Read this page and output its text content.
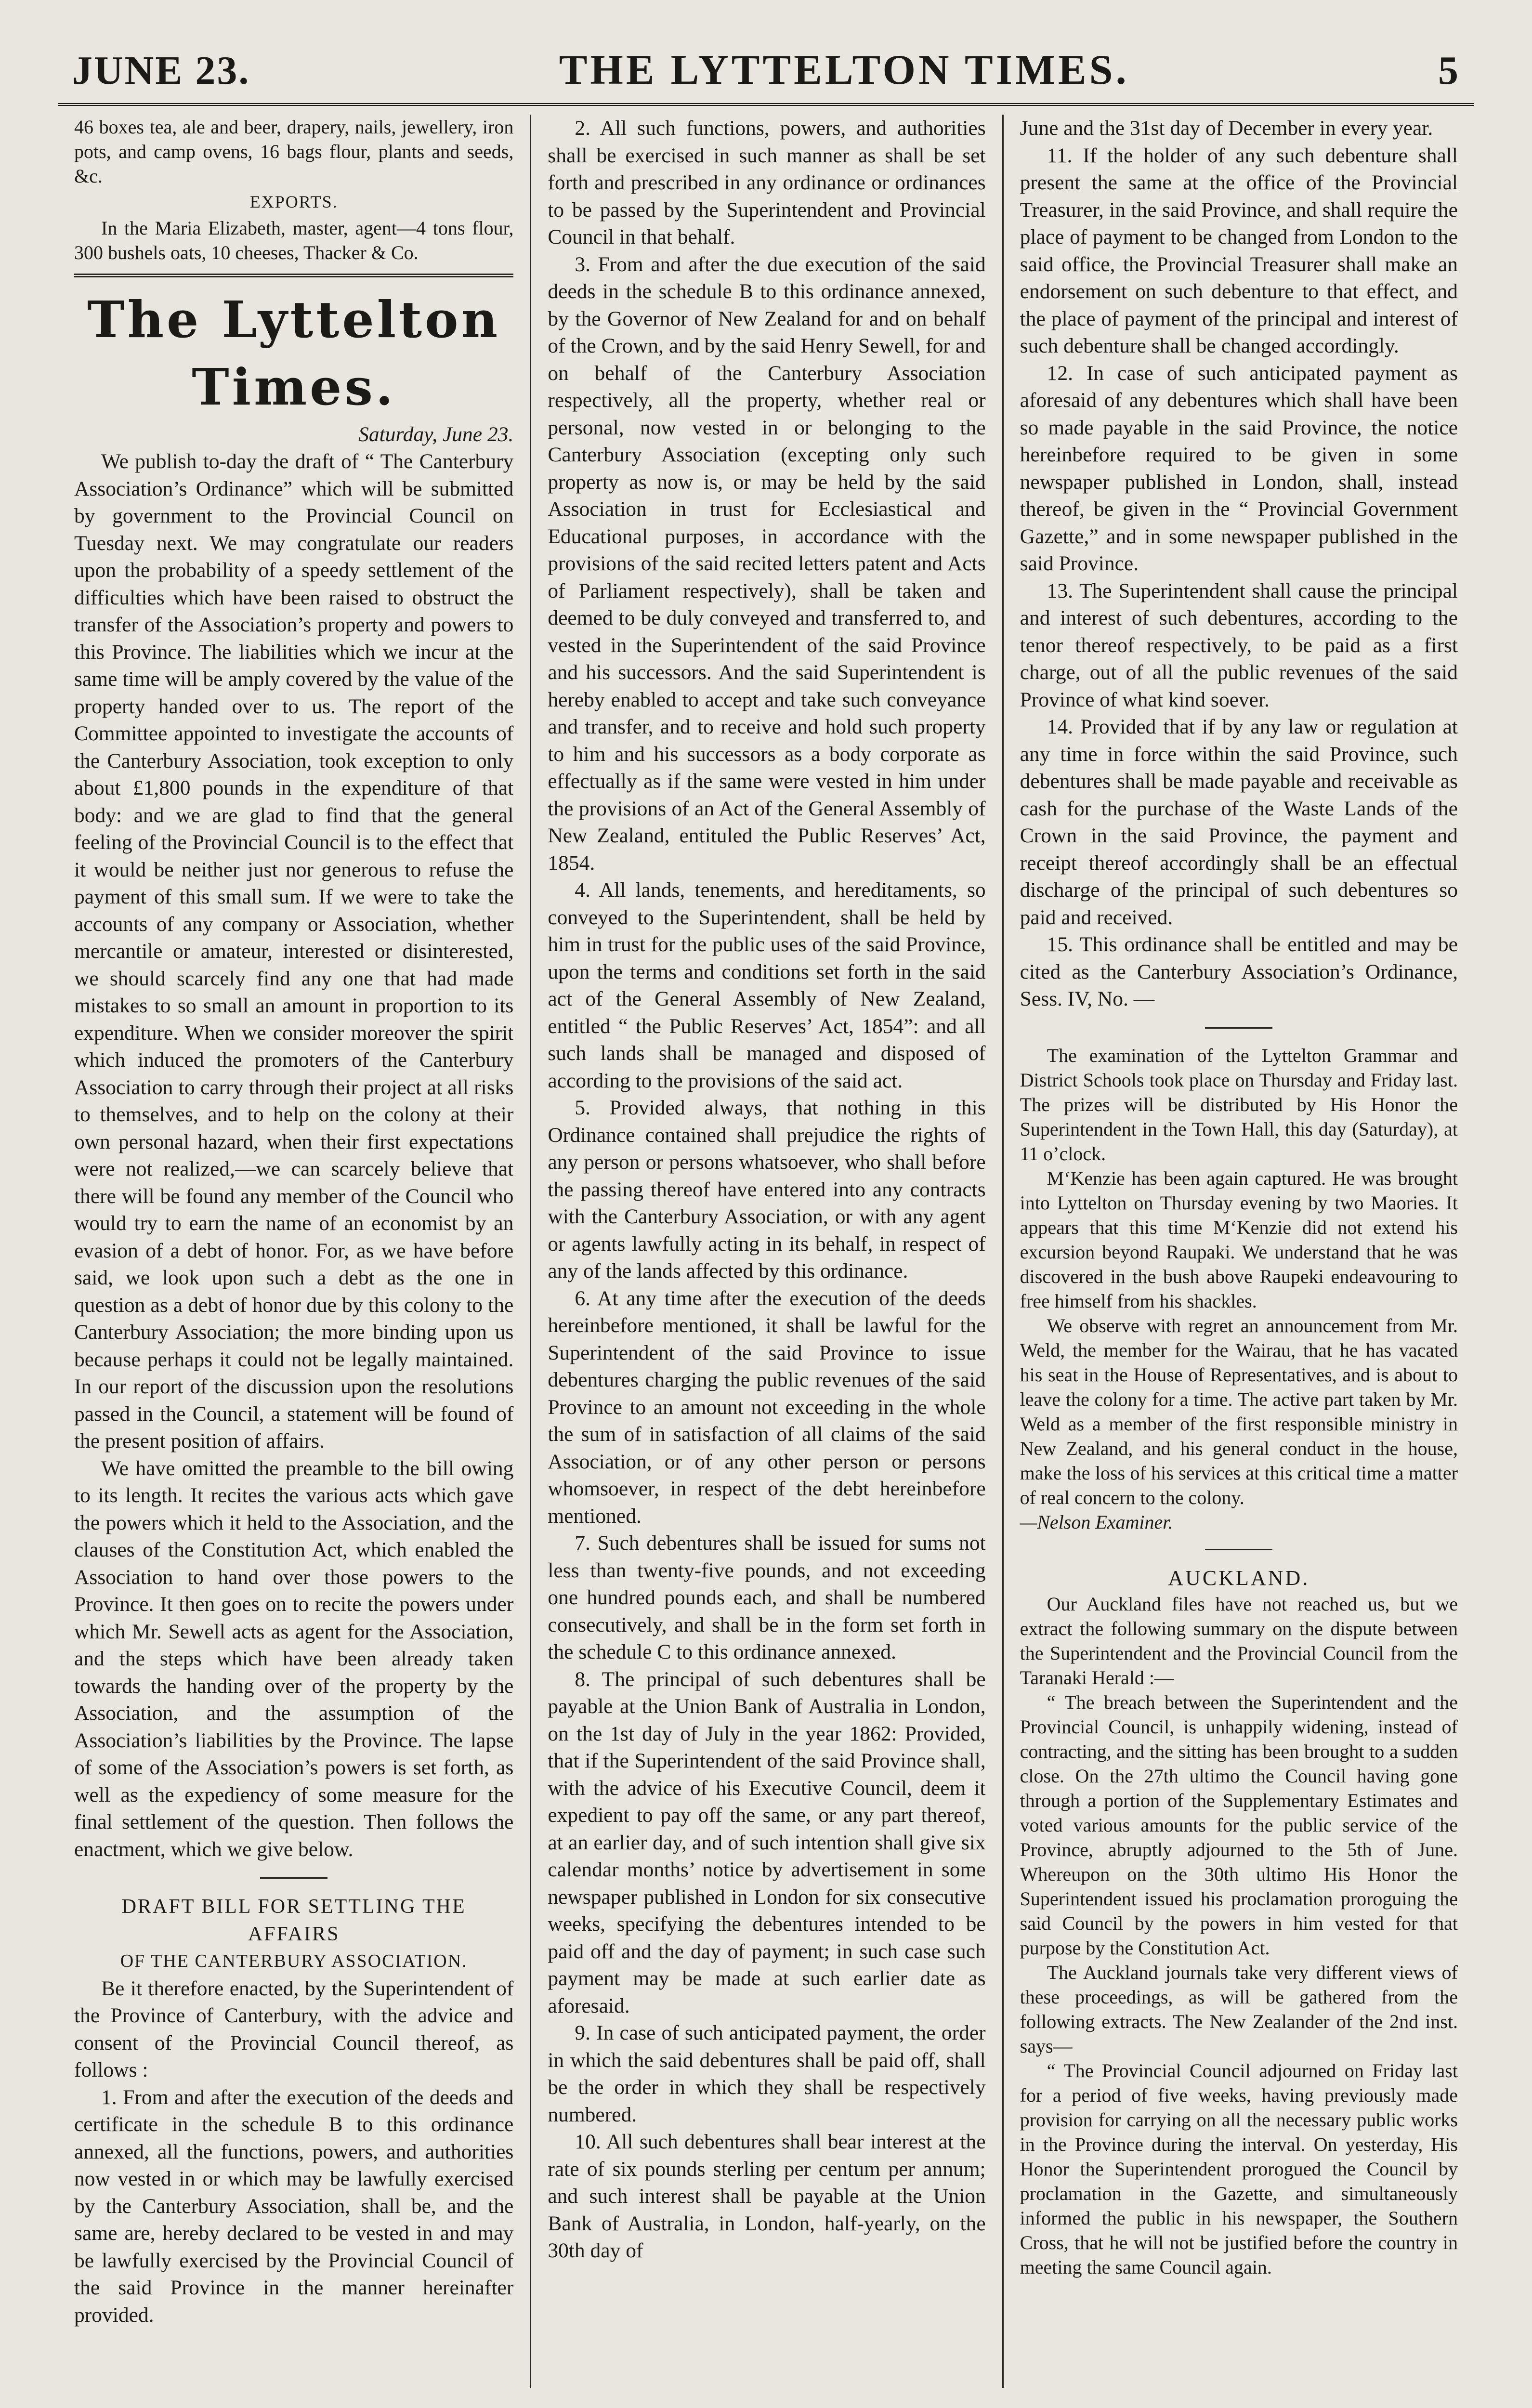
JUNE 23.	THE LYTTELTON TIMES.	5

46 boxes tea, ale and beer, drapery, nails, jewellery, iron pots, and camp ovens, 16 bags flour, plants and seeds, &c.

EXPORTS.

In the Maria Elizabeth, master, agent—4 tons flour, 300 bushels oats, 10 cheeses, Thacker & Co.

The Lyttelton Times.

Saturday, June 23.

We publish to-day the draft of “ The Canterbury Association’s Ordinance” which will be submitted by government to the Provincial Council on Tuesday next. We may congratulate our readers upon the probability of a speedy settlement of the difficulties which have been raised to obstruct the transfer of the Association’s property and powers to this Province. The liabilities which we incur at the same time will be amply covered by the value of the property handed over to us. The report of the Committee appointed to investigate the accounts of the Canterbury Association, took exception to only about £1,800 pounds in the expenditure of that body: and we are glad to find that the general feeling of the Provincial Council is to the effect that it would be neither just nor generous to refuse the payment of this small sum. If we were to take the accounts of any company or Association, whether mercantile or amateur, interested or disinterested, we should scarcely find any one that had made mistakes to so small an amount in proportion to its expenditure. When we consider moreover the spirit which induced the promoters of the Canterbury Association to carry through their project at all risks to themselves, and to help on the colony at their own personal hazard, when their first expectations were not realized,—we can scarcely believe that there will be found any member of the Council who would try to earn the name of an economist by an evasion of a debt of honor. For, as we have before said, we look upon such a debt as the one in question as a debt of honor due by this colony to the Canterbury Association; the more binding upon us because perhaps it could not be legally maintained. In our report of the discussion upon the resolutions passed in the Council, a statement will be found of the present position of affairs.

We have omitted the preamble to the bill owing to its length. It recites the various acts which gave the powers which it held to the Association, and the clauses of the Constitution Act, which enabled the Association to hand over those powers to the Province. It then goes on to recite the powers under which Mr. Sewell acts as agent for the Association, and the steps which have been already taken towards the handing over of the property by the Association, and the assumption of the Association’s liabilities by the Province. The lapse of some of the Association’s powers is set forth, as well as the expediency of some measure for the final settlement of the question. Then follows the enactment, which we give below.

DRAFT BILL FOR SETTLING THE AFFAIRS

OF THE CANTERBURY ASSOCIATION.

Be it therefore enacted, by the Superintendent of the Province of Canterbury, with the advice and consent of the Provincial Council thereof, as follows :

1. From and after the execution of the deeds and certificate in the schedule B to this ordinance annexed, all the functions, powers, and authorities now vested in or which may be lawfully exercised by the Canterbury Association, shall be, and the same are, hereby declared to be vested in and may be lawfully exercised by the Provincial Council of the said Province in the manner hereinafter provided.

2. All such functions, powers, and authorities shall be exercised in such manner as shall be set forth and prescribed in any ordinance or ordinances to be passed by the Superintendent and Provincial Council in that behalf.

3. From and after the due execution of the said deeds in the schedule B to this ordinance annexed, by the Governor of New Zealand for and on behalf of the Crown, and by the said Henry Sewell, for and on behalf of the Canterbury Association respectively, all the property, whether real or personal, now vested in or belonging to the Canterbury Association (excepting only such property as now is, or may be held by the said Association in trust for Ecclesiastical and Educational purposes, in accordance with the provisions of the said recited letters patent and Acts of Parliament respectively), shall be taken and deemed to be duly conveyed and transferred to, and vested in the Superintendent of the said Province and his successors. And the said Superintendent is hereby enabled to accept and take such conveyance and transfer, and to receive and hold such property to him and his successors as a body corporate as effectually as if the same were vested in him under the provisions of an Act of the General Assembly of New Zealand, entituled the Public Reserves’ Act, 1854.

4. All lands, tenements, and hereditaments, so conveyed to the Superintendent, shall be held by him in trust for the public uses of the said Province, upon the terms and conditions set forth in the said act of the General Assembly of New Zealand, entitled “ the Public Reserves’ Act, 1854”: and all such lands shall be managed and disposed of according to the provisions of the said act.

5. Provided always, that nothing in this Ordinance contained shall prejudice the rights of any person or persons whatsoever, who shall before the passing thereof have entered into any contracts with the Canterbury Association, or with any agent or agents lawfully acting in its behalf, in respect of any of the lands affected by this ordinance.

6. At any time after the execution of the deeds hereinbefore mentioned, it shall be lawful for the Superintendent of the said Province to issue debentures charging the public revenues of the said Province to an amount not exceeding in the whole the sum of in satisfaction of all claims of the said Association, or of any other person or persons whomsoever, in respect of the debt hereinbefore mentioned.

7. Such debentures shall be issued for sums not less than twenty-five pounds, and not exceeding one hundred pounds each, and shall be numbered consecutively, and shall be in the form set forth in the schedule C to this ordinance annexed.

8. The principal of such debentures shall be payable at the Union Bank of Australia in London, on the 1st day of July in the year 1862: Provided, that if the Superintendent of the said Province shall, with the advice of his Executive Council, deem it expedient to pay off the same, or any part thereof, at an earlier day, and of such intention shall give six calendar months’ notice by advertisement in some newspaper published in London for six consecutive weeks, specifying the debentures intended to be paid off and the day of payment; in such case such payment may be made at such earlier date as aforesaid.

9. In case of such anticipated payment, the order in which the said debentures shall be paid off, shall be the order in which they shall be respectively numbered.

10. All such debentures shall bear interest at the rate of six pounds sterling per centum per annum; and such interest shall be payable at the Union Bank of Australia, in London, half-yearly, on the 30th day of

June and the 31st day of December in every year.

11. If the holder of any such debenture shall present the same at the office of the Provincial Treasurer, in the said Province, and shall require the place of payment to be changed from London to the said office, the Provincial Treasurer shall make an endorsement on such debenture to that effect, and the place of payment of the principal and interest of such debenture shall be changed accordingly.

12. In case of such anticipated payment as aforesaid of any debentures which shall have been so made payable in the said Province, the notice hereinbefore required to be given in some newspaper published in London, shall, instead thereof, be given in the “ Provincial Government Gazette,” and in some newspaper published in the said Province.

13. The Superintendent shall cause the principal and interest of such debentures, according to the tenor thereof respectively, to be paid as a first charge, out of all the public revenues of the said Province of what kind soever.

14. Provided that if by any law or regulation at any time in force within the said Province, such debentures shall be made payable and receivable as cash for the purchase of the Waste Lands of the Crown in the said Province, the payment and receipt thereof accordingly shall be an effectual discharge of the principal of such debentures so paid and received.

15. This ordinance shall be entitled and may be cited as the Canterbury Association’s Ordinance, Sess. IV, No. —

The examination of the Lyttelton Grammar and District Schools took place on Thursday and Friday last. The prizes will be distributed by His Honor the Superintendent in the Town Hall, this day (Saturday), at 11 o’clock.

M‘Kenzie has been again captured. He was brought into Lyttelton on Thursday evening by two Maories. It appears that this time M‘Kenzie did not extend his excursion beyond Raupaki. We understand that he was discovered in the bush above Raupeki endeavouring to free himself from his shackles.

We observe with regret an announcement from Mr. Weld, the member for the Wairau, that he has vacated his seat in the House of Representatives, and is about to leave the colony for a time. The active part taken by Mr. Weld as a member of the first responsible ministry in New Zealand, and his general conduct in the house, make the loss of his services at this critical time a matter of real concern to the colony.

—Nelson Examiner.

AUCKLAND.

Our Auckland files have not reached us, but we extract the following summary on the dispute between the Superintendent and the Provincial Council from the Taranaki Herald :—

“ The breach between the Superintendent and the Provincial Council, is unhappily widening, instead of contracting, and the sitting has been brought to a sudden close. On the 27th ultimo the Council having gone through a portion of the Supplementary Estimates and voted various amounts for the public service of the Province, abruptly adjourned to the 5th of June. Whereupon on the 30th ultimo His Honor the Superintendent issued his proclamation proroguing the said Council by the powers in him vested for that purpose by the Constitution Act.

The Auckland journals take very different views of these proceedings, as will be gathered from the following extracts. The New Zealander of the 2nd inst. says—

“ The Provincial Council adjourned on Friday last for a period of five weeks, having previously made provision for carrying on all the necessary public works in the Province during the interval. On yesterday, His Honor the Superintendent prorogued the Council by proclamation in the Gazette, and simultaneously informed the public in his newspaper, the Southern Cross, that he will not be justified before the country in meeting the same Council again.
